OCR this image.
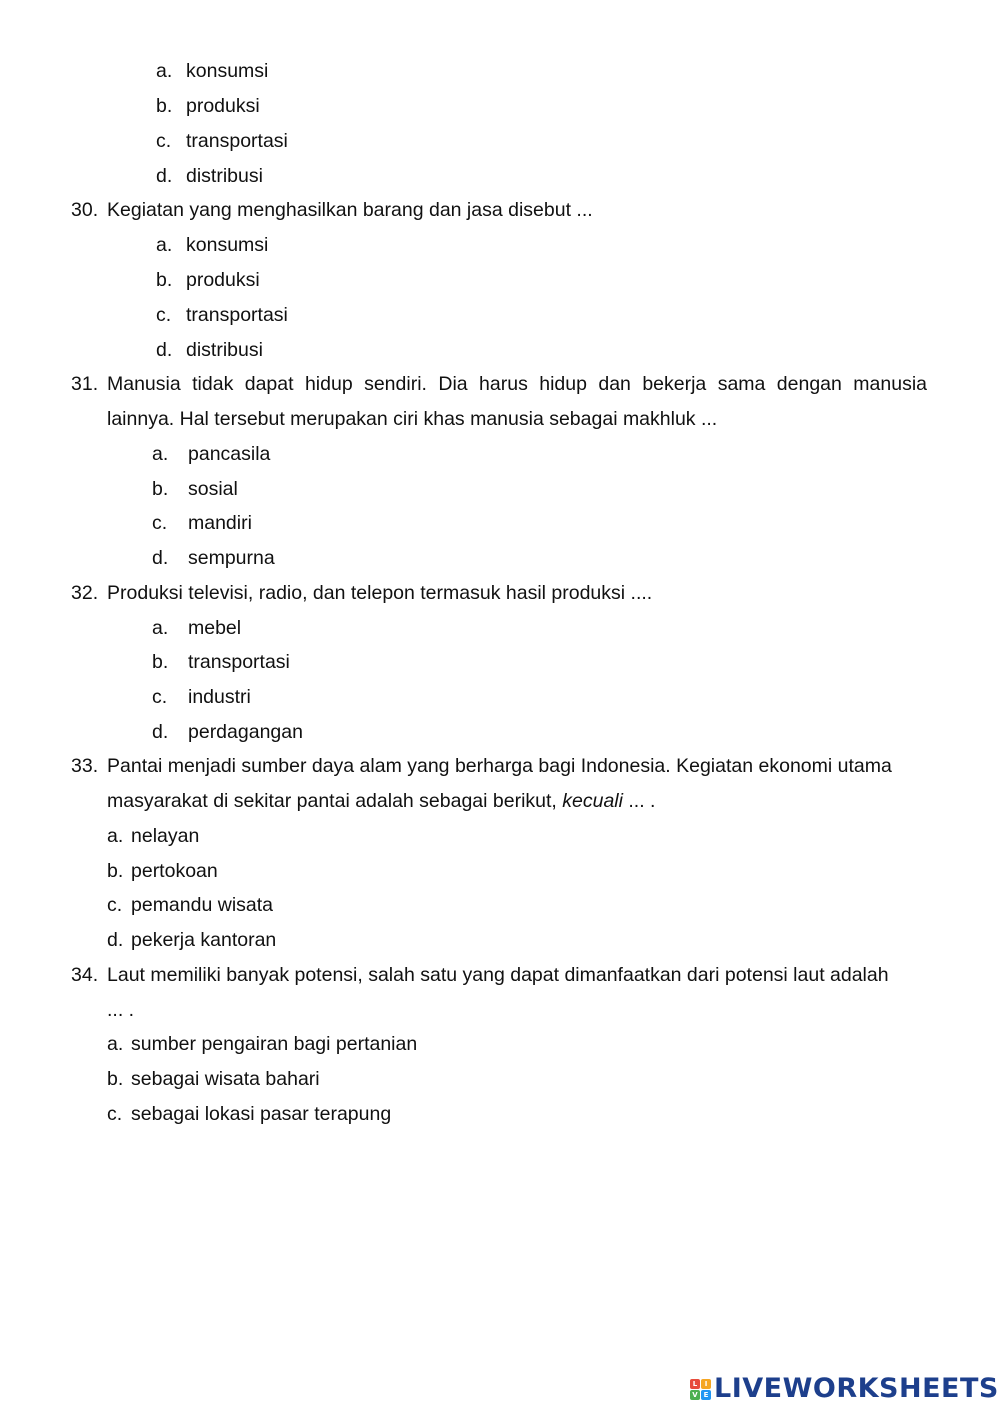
a. konsumsi
b. produksi
c. transportasi
d. distribusi
30. Kegiatan yang menghasilkan barang dan jasa disebut ...
a. konsumsi
b. produksi
c. transportasi
d. distribusi
31. Manusia tidak dapat hidup sendiri. Dia harus hidup dan bekerja sama dengan manusia
lainnya. Hal tersebut merupakan ciri khas manusia sebagai makhluk ...
a. pancasila
b. sosial
c. mandiri
d. sempurna
32. Produksi televisi, radio, dan telepon termasuk hasil produksi ....
a. mebel
b. transportasi
c. industri
d. perdagangan
33. Pantai menjadi sumber daya alam yang berharga bagi Indonesia. Kegiatan ekonomi utama
masyarakat di sekitar pantai adalah sebagai berikut, kecuali ... .
a. nelayan
b. pertokoan
c. pemandu wisata
d. pekerja kantoran
34. Laut memiliki banyak potensi, salah satu yang dapat dimanfaatkan dari potensi laut adalah
... .
a. sumber pengairan bagi pertanian
b. sebagai wisata bahari
c. sebagai lokasi pasar terapung
L	I
V E LIVEWORKSHEETS
